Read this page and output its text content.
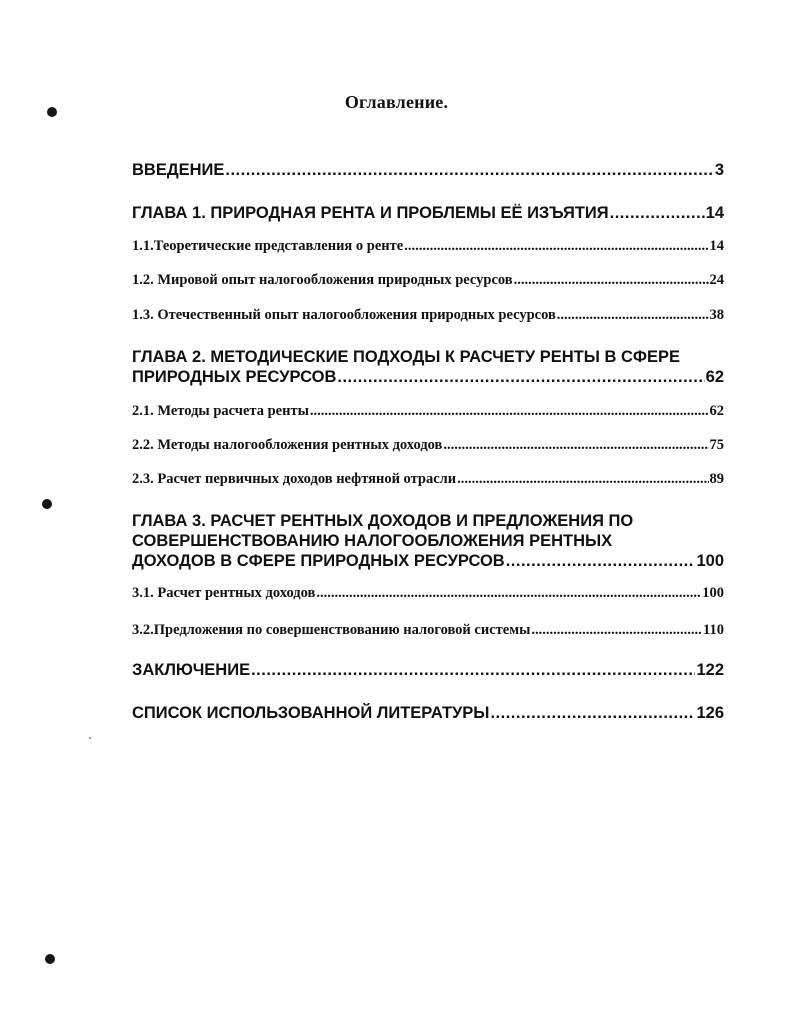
Оглавление.
ВВЕДЕНИЕ .....	3
ГЛАВА 1. ПРИРОДНАЯ РЕНТА И ПРОБЛЕМЫ ЕЁ ИЗЪЯТИЯ .....	14
1.1.Теоретические представления о ренте .....	14
1.2. Мировой опыт налогообложения природных ресурсов .....	24
1.3. Отечественный опыт налогообложения природных ресурсов .....	38
ГЛАВА 2. МЕТОДИЧЕСКИЕ ПОДХОДЫ К РАСЧЕТУ РЕНТЫ В СФЕРЕ
ПРИРОДНЫХ РЕСУРСОВ .....	62
2.1. Методы расчета ренты .....	62
2.2. Методы налогообложения рентных доходов .....	75
2.3. Расчет первичных доходов нефтяной отрасли .....	89
ГЛАВА 3. РАСЧЕТ РЕНТНЫХ ДОХОДОВ И ПРЕДЛОЖЕНИЯ ПО
СОВЕРШЕНСТВОВАНИЮ НАЛОГООБЛОЖЕНИЯ РЕНТНЫХ
ДОХОДОВ В СФЕРЕ ПРИРОДНЫХ РЕСУРСОВ .....	100
3.1. Расчет рентных доходов .....	100
3.2.Предложения по совершенствованию налоговой системы .....	110
ЗАКЛЮЧЕНИЕ .....	122
СПИСОК ИСПОЛЬЗОВАННОЙ ЛИТЕРАТУРЫ .....	126
